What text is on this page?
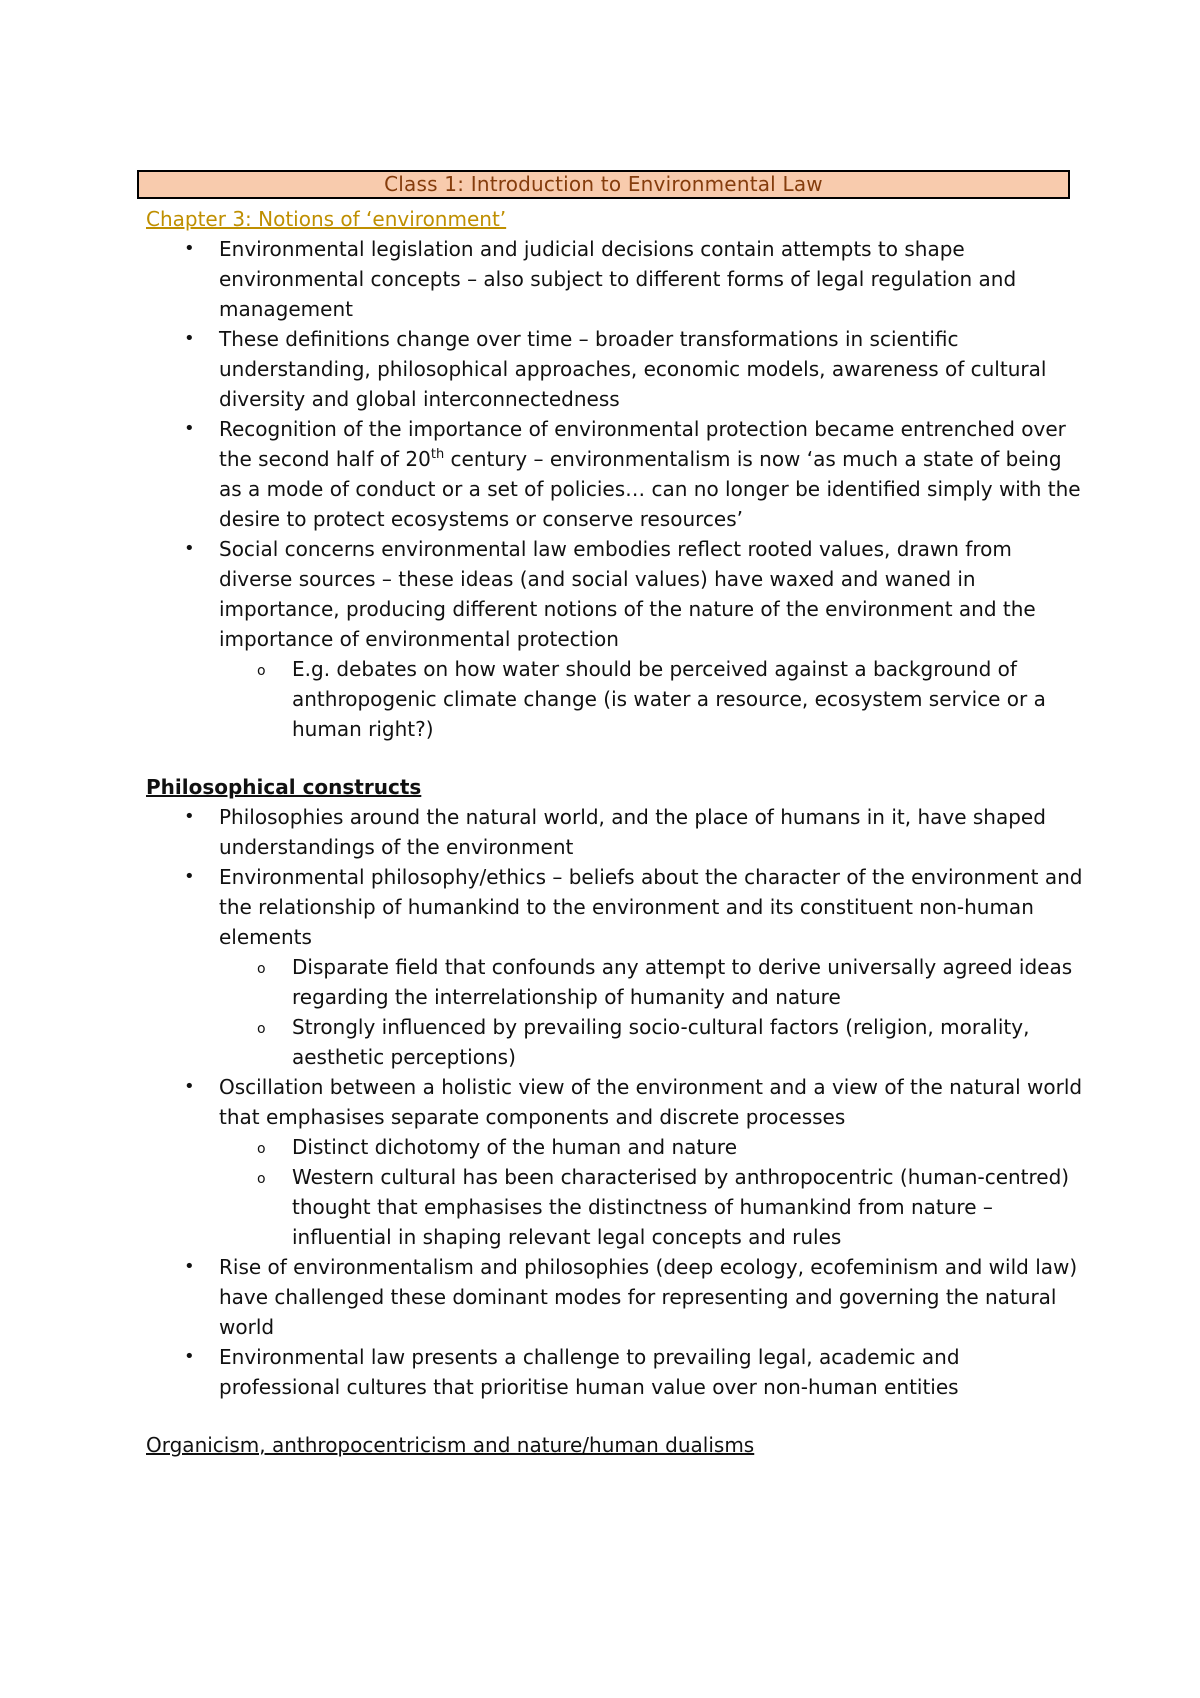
Class 1: Introduction to Environmental Law

Chapter 3: Notions of ‘environment’

• Environmental legislation and judicial decisions contain attempts to shape environmental concepts – also subject to different forms of legal regulation and management
• These definitions change over time – broader transformations in scientific understanding, philosophical approaches, economic models, awareness of cultural diversity and global interconnectedness
• Recognition of the importance of environmental protection became entrenched over the second half of 20th century – environmentalism is now ‘as much a state of being as a mode of conduct or a set of policies… can no longer be identified simply with the desire to protect ecosystems or conserve resources’
• Social concerns environmental law embodies reflect rooted values, drawn from diverse sources – these ideas (and social values) have waxed and waned in importance, producing different notions of the nature of the environment and the importance of environmental protection
o E.g. debates on how water should be perceived against a background of anthropogenic climate change (is water a resource, ecosystem service or a human right?)

Philosophical constructs

• Philosophies around the natural world, and the place of humans in it, have shaped understandings of the environment
• Environmental philosophy/ethics – beliefs about the character of the environment and the relationship of humankind to the environment and its constituent non-human elements
o Disparate field that confounds any attempt to derive universally agreed ideas regarding the interrelationship of humanity and nature
o Strongly influenced by prevailing socio-cultural factors (religion, morality, aesthetic perceptions)
• Oscillation between a holistic view of the environment and a view of the natural world that emphasises separate components and discrete processes
o Distinct dichotomy of the human and nature
o Western cultural has been characterised by anthropocentric (human-centred) thought that emphasises the distinctness of humankind from nature – influential in shaping relevant legal concepts and rules
• Rise of environmentalism and philosophies (deep ecology, ecofeminism and wild law) have challenged these dominant modes for representing and governing the natural world
• Environmental law presents a challenge to prevailing legal, academic and professional cultures that prioritise human value over non-human entities

Organicism, anthropocentricism and nature/human dualisms
